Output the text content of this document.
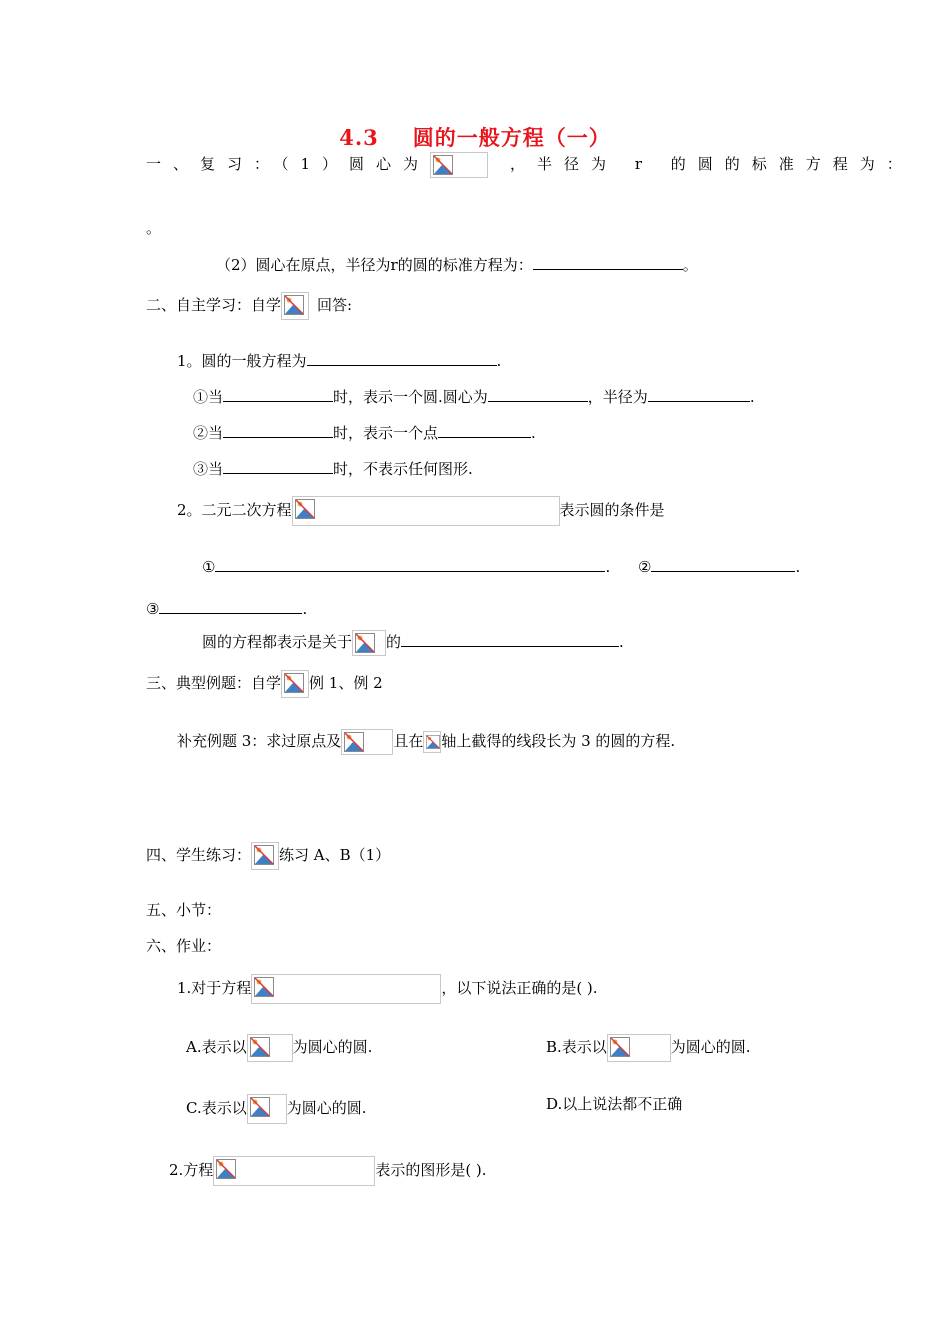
4.3 圆的一般方程（一）
一、复习：（1）圆心为	，半径为 r 的圆的标准方程为：
。
（2）圆心在原点，半径为r的圆的标准方程为：	。
二、自主学习：自学 回答:
1。圆的一般方程为	.
①当	时，表示一个圆.圆心为	，半径为	.
②当	时，表示一个点	.
③当	时，不表示任何图形.
2。二元二次方程	表示圆的条件是
①	. ②	.
③	.
圆的方程都表示是关于 的	.
三、典型例题：自学 例 1、例 2
补充例题 3：求过原点及	且在 轴上截得的线段长为 3 的圆的方程.
四、学生练习： 练习 A、B（1）
五、小节：
六、作业：
1.对于方程	，以下说法正确的是( ).
A.表示以	为圆心的圆.	B.表示以	为圆心的圆.
C.表示以	为圆心的圆.	D.以上说法都不正确
2.方程	表示的图形是( ).
